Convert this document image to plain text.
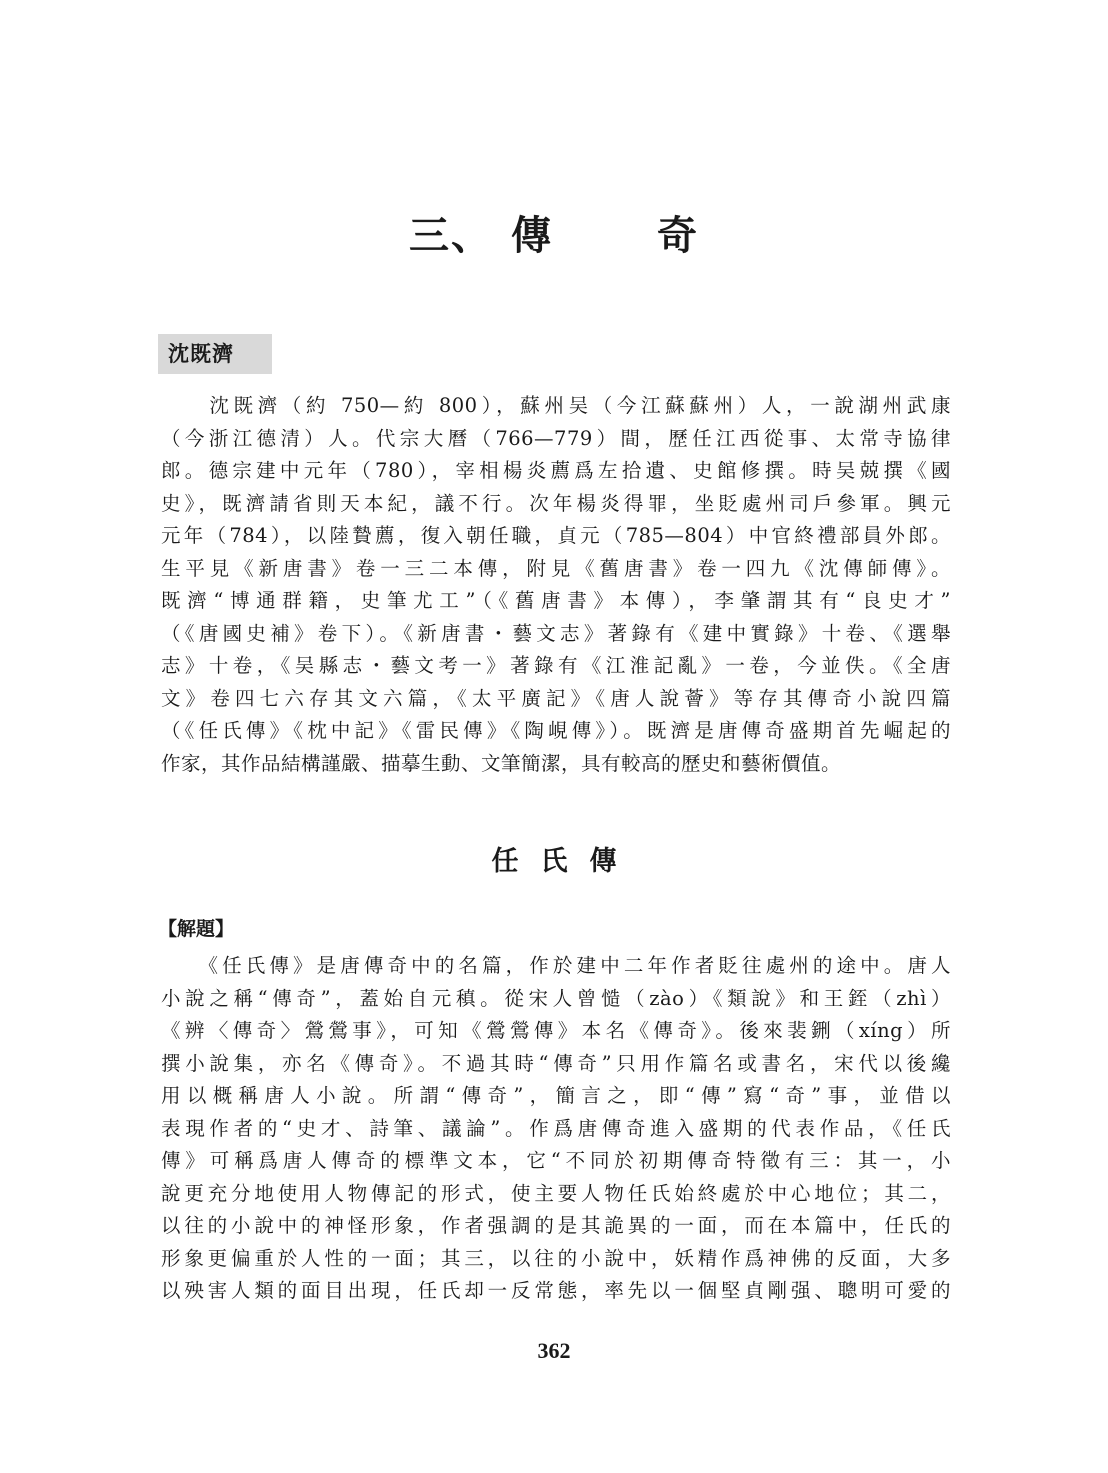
三、 傳	奇
沈既濟
　　沈既濟（約 750—約 800），蘇州吴（今江蘇蘇州）人，一說湖州武康
（今浙江德清）人。代宗大曆（766—779）間，歷任江西從事、太常寺協律
郎。德宗建中元年（780），宰相楊炎薦爲左拾遺、史館修撰。時吴兢撰《國
史》，既濟請省則天本紀，議不行。次年楊炎得罪，坐貶處州司戶參軍。興元
元年（784），以陸贄薦，復入朝任職，貞元（785—804）中官終禮部員外郎。
生平見《新唐書》卷一三二本傳，附見《舊唐書》卷一四九《沈傳師傳》。
既濟“博通群籍，史筆尤工”（《舊唐書》本傳），李肇謂其有“良史才”
（《唐國史補》卷下）。《新唐書・藝文志》著錄有《建中實錄》十卷、《選舉
志》十卷，《吴縣志・藝文考一》著錄有《江淮記亂》一卷，今並佚。《全唐
文》卷四七六存其文六篇，《太平廣記》《唐人說薈》等存其傳奇小說四篇
（《任氏傳》《枕中記》《雷民傳》《陶峴傳》）。既濟是唐傳奇盛期首先崛起的
作家，其作品結構謹嚴、描摹生動、文筆簡潔，具有較高的歷史和藝術價值。
任氏傳
【解題】
　　《任氏傳》是唐傳奇中的名篇，作於建中二年作者貶往處州的途中。唐人
小說之稱“傳奇”，蓋始自元稹。從宋人曾慥（zào）《類說》和王銍（zhì）
《辨〈傳奇〉鶯鶯事》，可知《鶯鶯傳》本名《傳奇》。後來裴鉶（xíng）所
撰小說集，亦名《傳奇》。不過其時“傳奇”只用作篇名或書名，宋代以後纔
用以概稱唐人小說。所謂“傳奇”，簡言之，即“傳”寫“奇”事，並借以
表現作者的“史才、詩筆、議論”。作爲唐傳奇進入盛期的代表作品，《任氏
傳》可稱爲唐人傳奇的標準文本，它“不同於初期傳奇特徵有三：其一，小
說更充分地使用人物傳記的形式，使主要人物任氏始終處於中心地位；其二，
以往的小說中的神怪形象，作者强調的是其詭異的一面，而在本篇中，任氏的
形象更偏重於人性的一面；其三，以往的小說中，妖精作爲神佛的反面，大多
以殃害人類的面目出現，任氏却一反常態，率先以一個堅貞剛强、聰明可愛的
362
